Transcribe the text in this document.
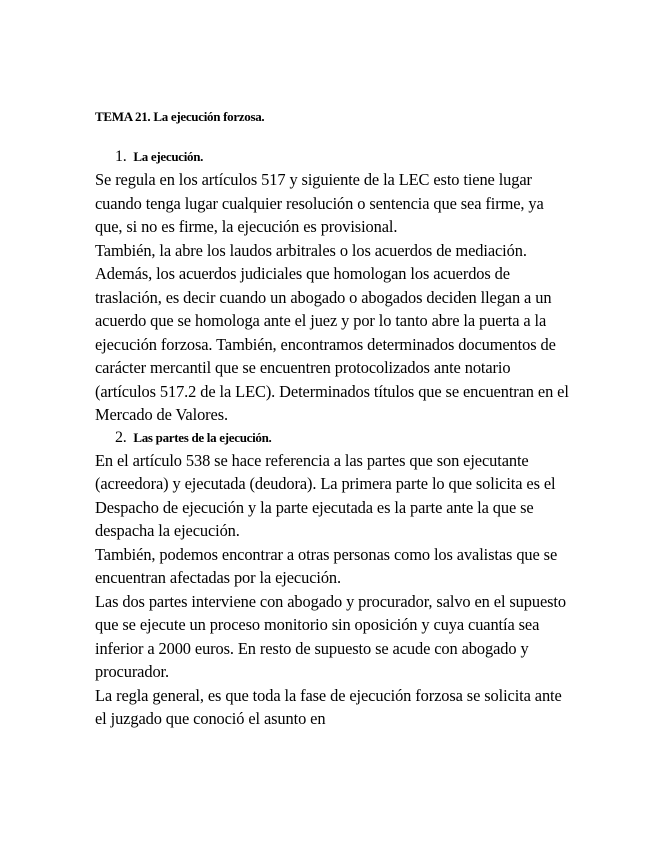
TEMA 21. La ejecución forzosa.

1. La ejecución.

Se regula en los artículos 517 y siguiente de la LEC esto tiene lugar cuando tenga lugar cualquier resolución o sentencia que sea firme, ya que, si no es firme, la ejecución es provisional.

También, la abre los laudos arbitrales o los acuerdos de mediación. Además, los acuerdos judiciales que homologan los acuerdos de traslación, es decir cuando un abogado o abogados deciden llegan a un acuerdo que se homologa ante el juez y por lo tanto abre la puerta a la ejecución forzosa. También, encontramos determinados documentos de carácter mercantil que se encuentren protocolizados ante notario (artículos 517.2 de la LEC). Determinados títulos que se encuentran en el Mercado de Valores.

2. Las partes de la ejecución.

En el artículo 538 se hace referencia a las partes que son ejecutante (acreedora) y ejecutada (deudora). La primera parte lo que solicita es el Despacho de ejecución y la parte ejecutada es la parte ante la que se despacha la ejecución.

También, podemos encontrar a otras personas como los avalistas que se encuentran afectadas por la ejecución.

Las dos partes interviene con abogado y procurador, salvo en el supuesto que se ejecute un proceso monitorio sin oposición y cuya cuantía sea inferior a 2000 euros. En resto de supuesto se acude con abogado y procurador.

La regla general, es que toda la fase de ejecución forzosa se solicita ante el juzgado que conoció el asunto en
